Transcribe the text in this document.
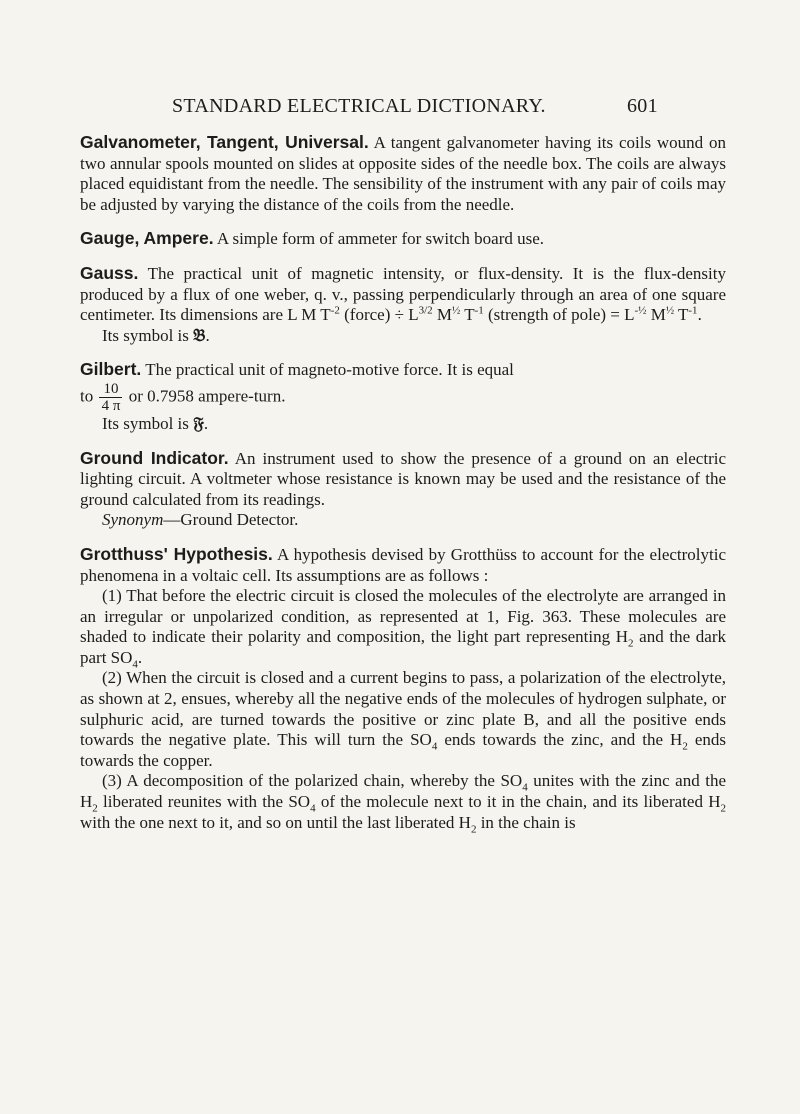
STANDARD ELECTRICAL DICTIONARY.	601

Galvanometer, Tangent, Universal. A tangent galvanometer having its coils wound on two annular spools mounted on slides at opposite sides of the needle box. The coils are always placed equidistant from the needle. The sensibility of the instrument with any pair of coils may be adjusted by varying the distance of the coils from the needle.

Gauge, Ampere. A simple form of ammeter for switch board use.

Gauss. The practical unit of magnetic intensity, or flux-density. It is the flux-density produced by a flux of one weber, q. v., passing perpendicularly through an area of one square centimeter. Its dimensions are L M $T^{-2}$ (force) ÷ $L^{3/2}$ $M^{\frac{1}{2}}$ $T^{-1}$ (strength of pole) = $L^{-\frac{1}{2}}$ $M^{\frac{1}{2}}$ $T^{-1}$.

Its symbol is 𝔅.

Gilbert. The practical unit of magneto-motive force. It is equal

to $\frac{10}{4 \pi}$ or 0.7958 ampere-turn.

Its symbol is 𝔉.

Ground Indicator. An instrument used to show the presence of a ground on an electric lighting circuit. A voltmeter whose resistance is known may be used and the resistance of the ground calculated from its readings.

Synonym—Ground Detector.

Grotthuss' Hypothesis. A hypothesis devised by Grotthüss to account for the electrolytic phenomena in a voltaic cell. Its assumptions are as follows :

(1) That before the electric circuit is closed the molecules of the electrolyte are arranged in an irregular or unpolarized condition, as represented at 1, Fig. 363. These molecules are shaded to indicate their polarity and composition, the light part representing $H_2$ and the dark part $SO_4$.

(2) When the circuit is closed and a current begins to pass, a polarization of the electrolyte, as shown at 2, ensues, whereby all the negative ends of the molecules of hydrogen sulphate, or sulphuric acid, are turned towards the positive or zinc plate B, and all the positive ends towards the negative plate. This will turn the $SO_4$ ends towards the zinc, and the $H_2$ ends towards the copper.

(3) A decomposition of the polarized chain, whereby the $SO_4$ unites with the zinc and the $H_2$ liberated reunites with the $SO_4$ of the molecule next to it in the chain, and its liberated $H_2$ with the one next to it, and so on until the last liberated $H_2$ in the chain is
